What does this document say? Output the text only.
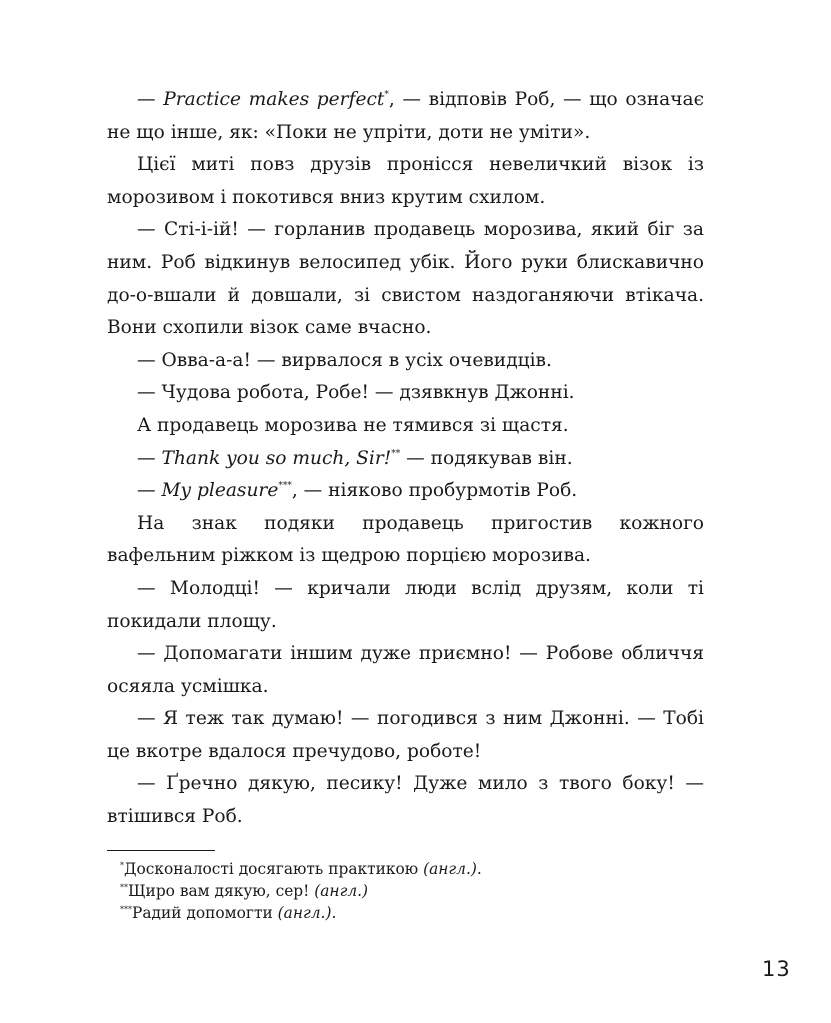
— Practice makes perfect*, — відповів Роб, — що означає не що інше, як: «Поки не упріти, доти не уміти».

Цієї миті повз друзів пронісся невеличкий візок із морозивом і покотився вниз крутим схилом.

— Сті-і-ій! — горланив продавець морозива, який біг за ним. Роб відкинув велосипед убік. Його руки блискавично до-о-вшали й довшали, зі свистом наздоганяючи втікача. Вони схопили візок саме вчасно.

— Овва-а-а! — вирвалося в усіх очевидців.

— Чудова робота, Робе! — дзявкнув Джонні.

А продавець морозива не тямився зі щастя.

— Thank you so much, Sir!** — подякував він.

— My pleasure***, — ніяково пробурмотів Роб.

На знак подяки продавець пригостив кожного вафельним ріжком із щедрою порцією морозива.

— Молодці! — кричали люди вслід друзям, коли ті покидали площу.

— Допомагати іншим дуже приємно! — Робове обличчя осяяла усмішка.

— Я теж так думаю! — погодився з ним Джонні. — Тобі це вкотре вдалося пречудово, роботе!

— Ґречно дякую, песику! Дуже мило з твого боку! — втішився Роб.

*Досконалості досягають практикою (англ.).
**Щиро вам дякую, сер! (англ.)
***Радий допомогти (англ.).
13
